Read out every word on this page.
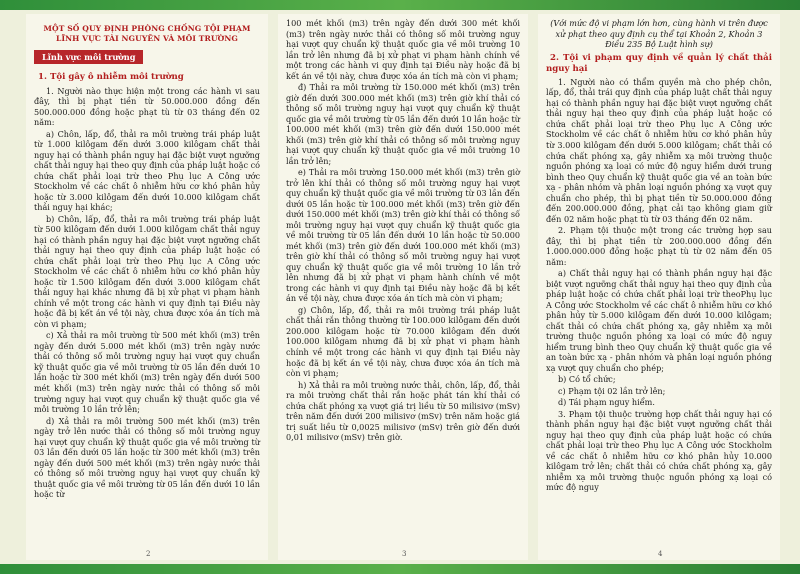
MỘT SỐ QUY ĐỊNH PHÒNG CHỐNG TỘI PHẠM
LĨNH VỰC TÀI NGUYÊN VÀ MÔI TRƯỜNG
Lĩnh vực môi trường
1. Tội gây ô nhiễm môi trường

1. Người nào thực hiện một trong các hành vi sau đây, thì bị phạt tiền từ 50.000.000 đồng đến 500.000.000 đồng hoặc phạt tù từ 03 tháng đến 02 năm:

a) Chôn, lấp, đổ, thải ra môi trường trái pháp luật từ 1.000 kilôgam đến dưới 3.000 kilôgam chất thải nguy hại có thành phần nguy hại đặc biệt vượt ngưỡng chất thải nguy hại theo quy định của pháp luật hoặc có chứa chất phải loại trừ theo Phụ lục A Công ước Stockholm về các chất ô nhiễm hữu cơ khó phân hủy hoặc từ 3.000 kilôgam đến dưới 10.000 kilôgam chất thải nguy hại khác;

b) Chôn, lấp, đổ, thải ra môi trường trái pháp luật từ 500 kilôgam đến dưới 1.000 kilôgam chất thải nguy hại có thành phần nguy hại đặc biệt vượt ngưỡng chất thải nguy hại theo quy định của pháp luật hoặc có chứa chất phải loại trừ theo Phụ lục A Công ước Stockholm về các chất ô nhiễm hữu cơ khó phân hủy hoặc từ 1.500 kilôgam đến dưới 3.000 kilôgam chất thải nguy hại khác nhưng đã bị xử phạt vi phạm hành chính về một trong các hành vi quy định tại Điều này hoặc đã bị kết án về tội này, chưa được xóa án tích mà còn vi phạm;

c) Xả thải ra môi trường từ 500 mét khối (m3) trên ngày đến dưới 5.000 mét khối (m3) trên ngày nước thải có thông số môi trường nguy hại vượt quy chuẩn kỹ thuật quốc gia về môi trường từ 05 lần đến dưới 10 lần hoặc từ 300 mét khối (m3) trên ngày đến dưới 500 mét khối (m3) trên ngày nước thải có thông số môi trường nguy hại vượt quy chuẩn kỹ thuật quốc gia về môi trường 10 lần trở lên;

d) Xả thải ra môi trường 500 mét khối (m3) trên ngày trở lên nước thải có thông số môi trường nguy hại vượt quy chuẩn kỹ thuật quốc gia về môi trường từ 03 lần đến dưới 05 lần hoặc từ 300 mét khối (m3) trên ngày đến dưới 500 mét khối (m3) trên ngày nước thải có thông số môi trường nguy hại vượt quy chuẩn kỹ thuật quốc gia về môi trường từ 05 lần đến dưới 10 lần hoặc từ

2

100 mét khối (m3) trên ngày đến dưới 300 mét khối (m3) trên ngày nước thải có thông số môi trường nguy hại vượt quy chuẩn kỹ thuật quốc gia về môi trường 10 lần trở lên nhưng đã bị xử phạt vi phạm hành chính về một trong các hành vi quy định tại Điều này hoặc đã bị kết án về tội này, chưa được xóa án tích mà còn vi phạm;

đ) Thải ra môi trường từ 150.000 mét khối (m3) trên giờ đến dưới 300.000 mét khối (m3) trên giờ khí thải có thông số môi trường nguy hại vượt quy chuẩn kỹ thuật quốc gia về môi trường từ 05 lần đến dưới 10 lần hoặc từ 100.000 mét khối (m3) trên giờ đến dưới 150.000 mét khối (m3) trên giờ khí thải có thông số môi trường nguy hại vượt quy chuẩn kỹ thuật quốc gia về môi trường 10 lần trở lên;

e) Thải ra môi trường 150.000 mét khối (m3) trên giờ trở lên khí thải có thông số môi trường nguy hại vượt quy chuẩn kỹ thuật quốc gia về môi trường từ 03 lần đến dưới 05 lần hoặc từ 100.000 mét khối (m3) trên giờ đến dưới 150.000 mét khối (m3) trên giờ khí thải có thông số môi trường nguy hại vượt quy chuẩn kỹ thuật quốc gia về môi trường từ 05 lần đến dưới 10 lần hoặc từ 50.000 mét khối (m3) trên giờ đến dưới 100.000 mét khối (m3) trên giờ khí thải có thông số môi trường nguy hại vượt quy chuẩn kỹ thuật quốc gia về môi trường 10 lần trở lên nhưng đã bị xử phạt vi phạm hành chính về một trong các hành vi quy định tại Điều này hoặc đã bị kết án về tội này, chưa được xóa án tích mà còn vi phạm;

g) Chôn, lấp, đổ, thải ra môi trường trái pháp luật chất thải rắn thông thường từ 100.000 kilôgam đến dưới 200.000 kilôgam hoặc từ 70.000 kilôgam đến dưới 100.000 kilôgam nhưng đã bị xử phạt vi phạm hành chính về một trong các hành vi quy định tại Điều này hoặc đã bị kết án về tội này, chưa được xóa án tích mà còn vi phạm;

h) Xả thải ra môi trường nước thải, chôn, lấp, đổ, thải ra môi trường chất thải rắn hoặc phát tán khí thải có chứa chất phóng xạ vượt giá trị liều từ 50 milisivơ (mSv) trên năm đến dưới 200 milisivơ (mSv) trên năm hoặc giá trị suất liều từ 0,0025 milisivơ (mSv) trên giờ đến dưới 0,01 milisivơ (mSv) trên giờ.

3
(Với mức độ vi phạm lớn hơn, cùng hành vi trên được xử phạt theo quy định cụ thể tại Khoản 2, Khoản 3 Điều 235 Bộ Luật hình sự)
2. Tội vi phạm quy định về quản lý chất thải nguy hại

1. Người nào có thẩm quyền mà cho phép chôn, lấp, đổ, thải trái quy định của pháp luật chất thải nguy hại có thành phần nguy hại đặc biệt vượt ngưỡng chất thải nguy hại theo quy định của pháp luật hoặc có chứa chất phải loại trừ theo Phụ lục A Công ước Stockholm về các chất ô nhiễm hữu cơ khó phân hủy từ 3.000 kilôgam đến dưới 5.000 kilôgam; chất thải có chứa chất phóng xạ, gây nhiễm xạ môi trường thuộc nguồn phóng xạ loại có mức độ nguy hiểm dưới trung bình theo Quy chuẩn kỹ thuật quốc gia về an toàn bức xạ - phân nhóm và phân loại nguồn phóng xạ vượt quy chuẩn cho phép, thì bị phạt tiền từ 50.000.000 đồng đến 200.000.000 đồng, phạt cải tạo không giam giữ đến 02 năm hoặc phạt tù từ 03 tháng đến 02 năm.

2. Phạm tội thuộc một trong các trường hợp sau đây, thì bị phạt tiền từ 200.000.000 đồng đến 1.000.000.000 đồng hoặc phạt tù từ 02 năm đến 05 năm:

a) Chất thải nguy hại có thành phần nguy hại đặc biệt vượt ngưỡng chất thải nguy hại theo quy định của pháp luật hoặc có chứa chất phải loại trừ theoPhụ lục A Công ước Stockholm về các chất ô nhiễm hữu cơ khó phân hủy từ 5.000 kilôgam đến dưới 10.000 kilôgam; chất thải có chứa chất phóng xạ, gây nhiễm xạ môi trường thuộc nguồn phóng xạ loại có mức độ nguy hiểm trung bình theo Quy chuẩn kỹ thuật quốc gia về an toàn bức xạ - phân nhóm và phân loại nguồn phóng xạ vượt quy chuẩn cho phép;

b) Có tổ chức;

c) Phạm tội 02 lần trở lên;

d) Tái phạm nguy hiểm.

3. Phạm tội thuộc trường hợp chất thải nguy hại có thành phần nguy hại đặc biệt vượt ngưỡng chất thải nguy hại theo quy định của pháp luật hoặc có chứa chất phải loại trừ theo Phụ lục A Công ước Stockholm về các chất ô nhiễm hữu cơ khó phân hủy 10.000 kilôgam trở lên; chất thải có chứa chất phóng xạ, gây nhiễm xạ môi trường thuộc nguồn phóng xạ loại có mức độ nguy

4
